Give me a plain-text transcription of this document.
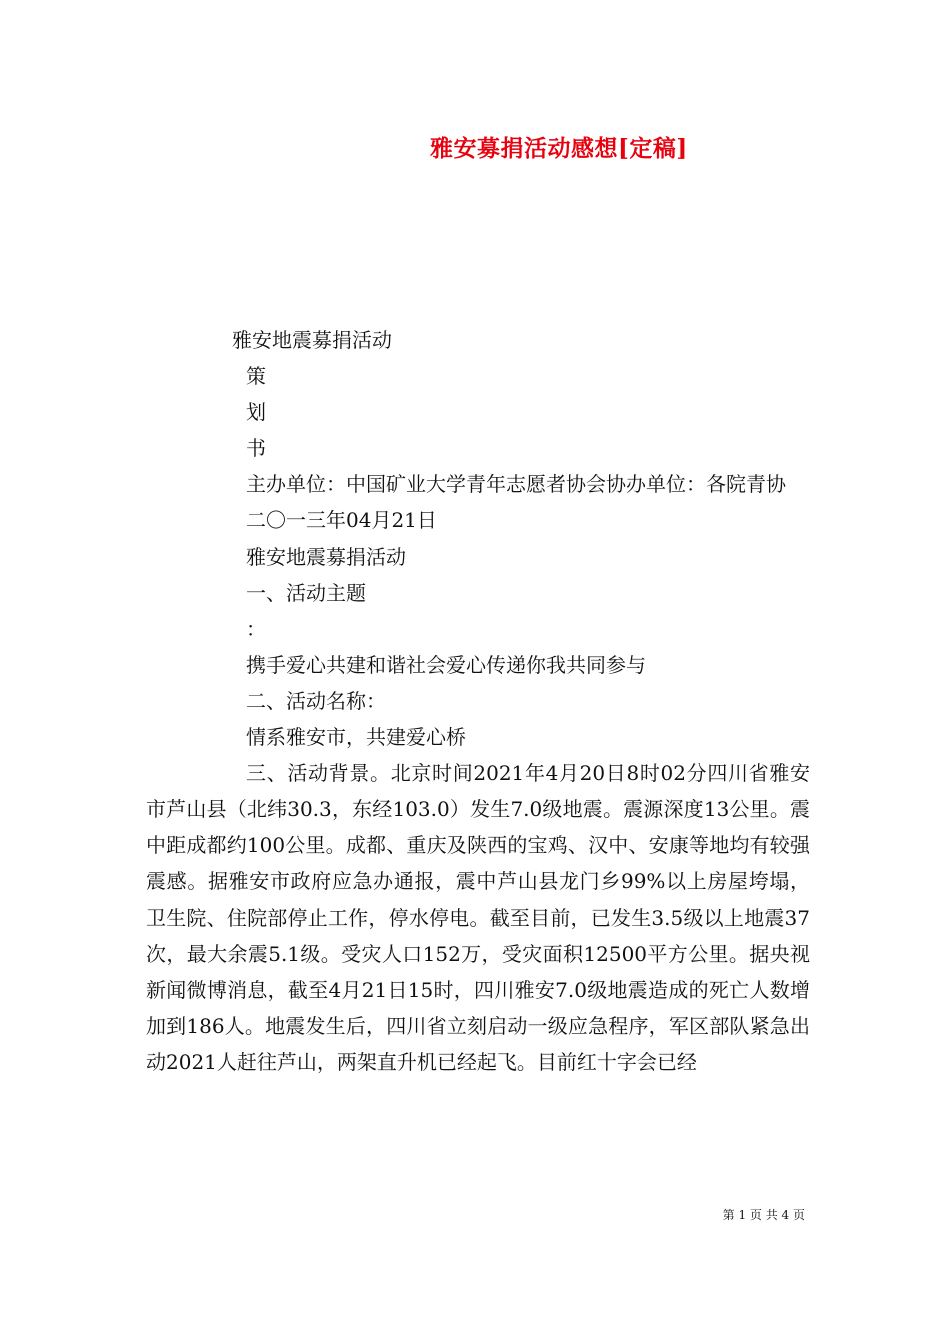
雅安募捐活动感想[定稿]

雅安地震募捐活动

策

划

书

主办单位：中国矿业大学青年志愿者协会协办单位：各院青协

二〇一三年04月21日

雅安地震募捐活动

一、活动主题

：

携手爱心共建和谐社会爱心传递你我共同参与

二、活动名称：

情系雅安市，共建爱心桥

三、活动背景。北京时间2021年4月20日8时02分四川省雅安市芦山县（北纬30.3，东经103.0）发生7.0级地震。震源深度13公里。震中距成都约100公里。成都、重庆及陕西的宝鸡、汉中、安康等地均有较强震感。据雅安市政府应急办通报，震中芦山县龙门乡99%以上房屋垮塌，卫生院、住院部停止工作，停水停电。截至目前，已发生3.5级以上地震37次，最大余震5.1级。受灾人口152万，受灾面积12500平方公里。据央视新闻微博消息，截至4月21日15时，四川雅安7.0级地震造成的死亡人数增加到186人。地震发生后，四川省立刻启动一级应急程序，军区部队紧急出动2021人赶往芦山，两架直升机已经起飞。目前红十字会已经

第 1 页 共 4 页
